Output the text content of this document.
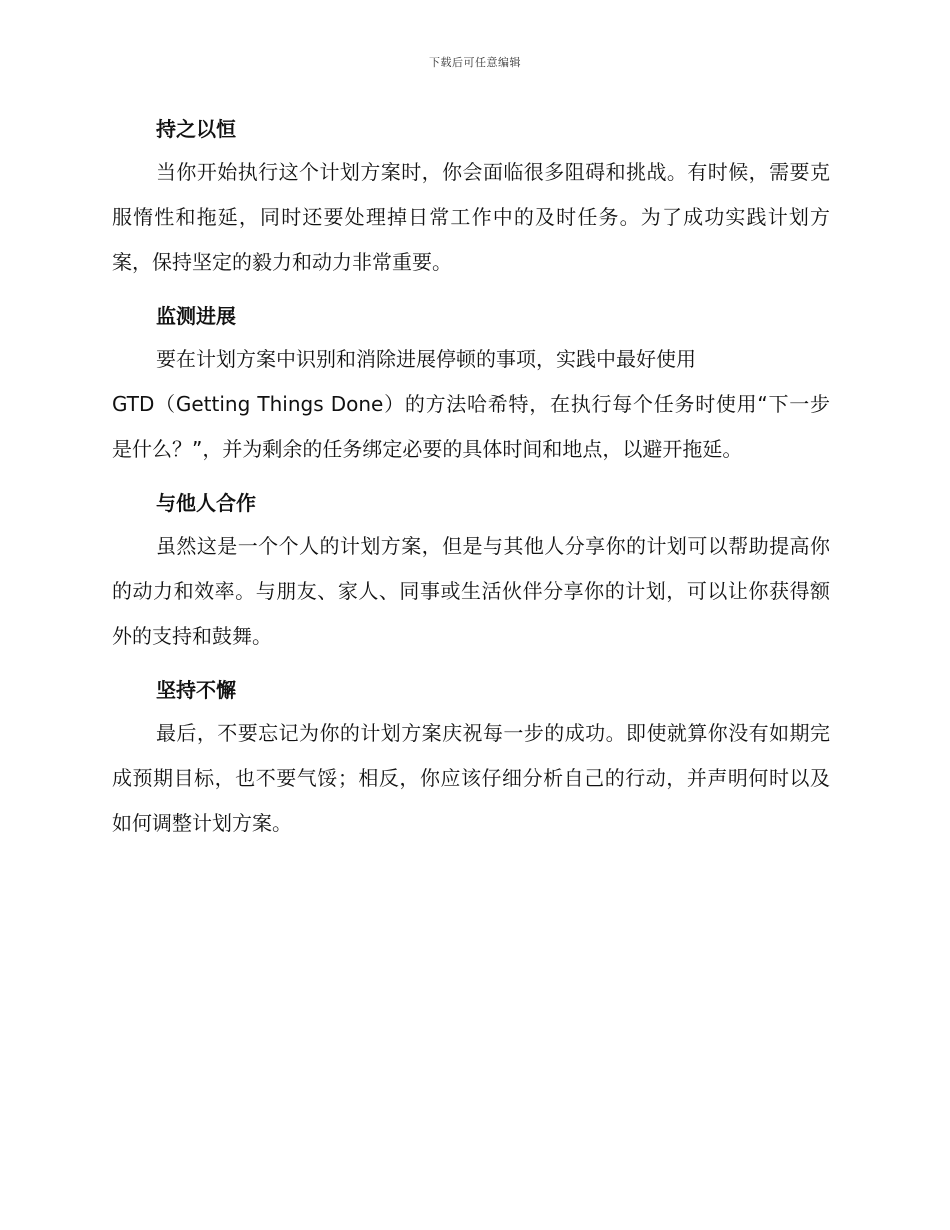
下载后可任意编辑
持之以恒

当你开始执行这个计划方案时，你会面临很多阻碍和挑战。有时候，需要克服惰性和拖延，同时还要处理掉日常工作中的及时任务。为了成功实践计划方案，保持坚定的毅力和动力非常重要。

监测进展

要在计划方案中识别和消除进展停顿的事项，实践中最好使用
GTD（Getting Things Done）的方法哈希特，在执行每个任务时使用“下一步是什么？”，并为剩余的任务绑定必要的具体时间和地点，以避开拖延。

与他人合作

虽然这是一个个人的计划方案，但是与其他人分享你的计划可以帮助提高你的动力和效率。与朋友、家人、同事或生活伙伴分享你的计划，可以让你获得额外的支持和鼓舞。

坚持不懈

最后，不要忘记为你的计划方案庆祝每一步的成功。即使就算你没有如期完成预期目标，也不要气馁；相反，你应该仔细分析自己的行动，并声明何时以及如何调整计划方案。
